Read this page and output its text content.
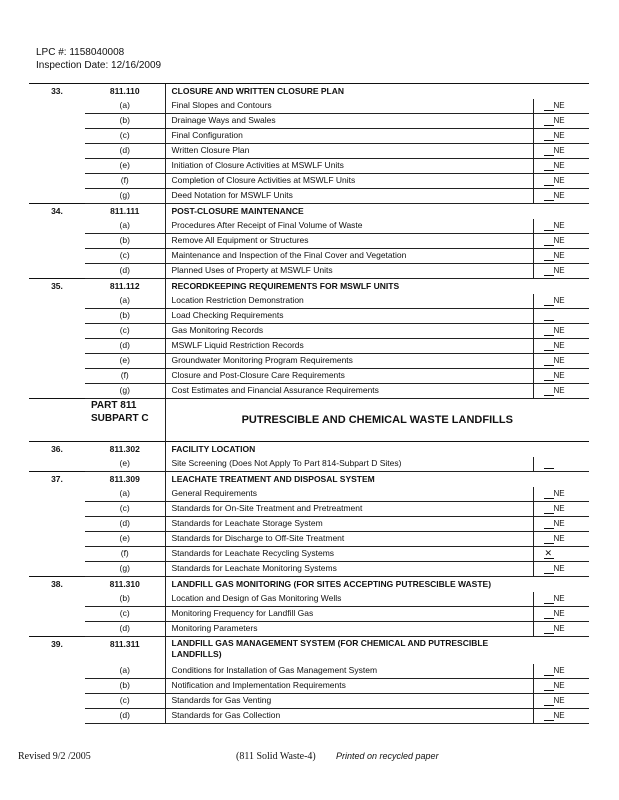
LPC #: 1158040008
Inspection Date: 12/16/2009
33.	811.110	CLOSURE AND WRITTEN CLOSURE PLAN	
	(a)	Final Slopes and Contours	NE
	(b)	Drainage Ways and Swales	NE
	(c)	Final Configuration	NE
	(d)	Written Closure Plan	NE
	(e)	Initiation of Closure Activities at MSWLF Units	NE
	(f)	Completion of Closure Activities at MSWLF Units	NE
	(g)	Deed Notation for MSWLF Units	NE
34.	811.111	POST-CLOSURE MAINTENANCE	
	(a)	Procedures After Receipt of Final Volume of Waste	NE
	(b)	Remove All Equipment or Structures	NE
	(c)	Maintenance and Inspection of the Final Cover and Vegetation	NE
	(d)	Planned Uses of Property at MSWLF Units	NE
35.	811.112	RECORDKEEPING REQUIREMENTS FOR MSWLF UNITS	
	(a)	Location Restriction Demonstration	NE
	(b)	Load Checking Requirements	
	(c)	Gas Monitoring Records	NE
	(d)	MSWLF Liquid Restriction Records	NE
	(e)	Groundwater Monitoring Program Requirements	NE
	(f)	Closure and Post-Closure Care Requirements	NE
	(g)	Cost Estimates and Financial Assurance Requirements	NE
	PART 811 SUBPART C	PUTRESCIBLE AND CHEMICAL WASTE LANDFILLS	
36.	811.302	FACILITY LOCATION	
	(e)	Site Screening (Does Not Apply To Part 814-Subpart D Sites)	
37.	811.309	LEACHATE TREATMENT AND DISPOSAL SYSTEM	
	(a)	General Requirements	NE
	(c)	Standards for On-Site Treatment and Pretreatment	NE
	(d)	Standards for Leachate Storage System	NE
	(e)	Standards for Discharge to Off-Site Treatment	NE
	(f)	Standards for Leachate Recycling Systems	✕
	(g)	Standards for Leachate Monitoring Systems	NE
38.	811.310	LANDFILL GAS MONITORING (FOR SITES ACCEPTING PUTRESCIBLE WASTE)	
	(b)	Location and Design of Gas Monitoring Wells	NE
	(c)	Monitoring Frequency for Landfill Gas	NE
	(d)	Monitoring Parameters	NE
39.	811.311	LANDFILL GAS MANAGEMENT SYSTEM (FOR CHEMICAL AND PUTRESCIBLE LANDFILLS)	
	(a)	Conditions for Installation of Gas Management System	NE
	(b)	Notification and Implementation Requirements	NE
	(c)	Standards for Gas Venting	NE
	(d)	Standards for Gas Collection	NE
Revised 9/2 /2005	(811 Solid Waste-4) Printed on recycled paper
